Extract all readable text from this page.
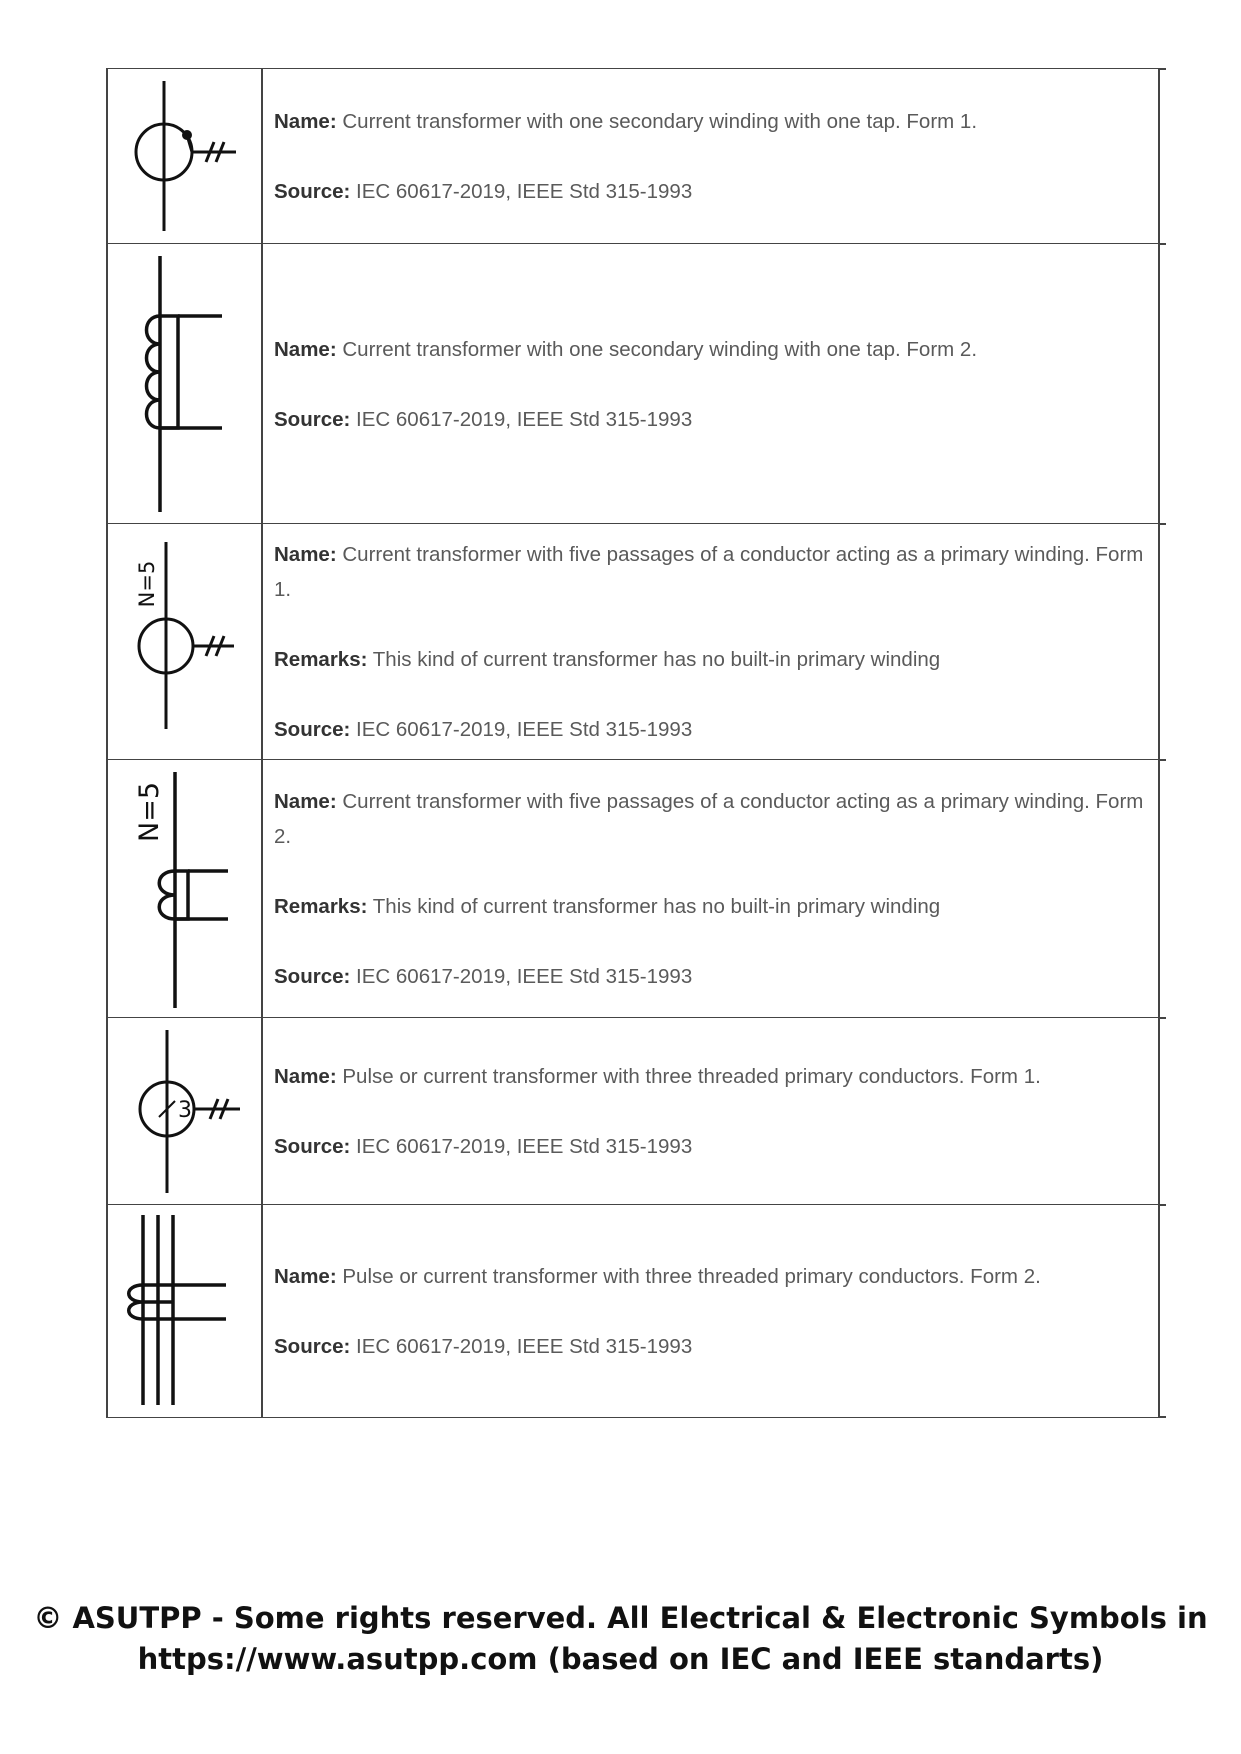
Name: Current transformer with one secondary winding with one tap. Form 1.

Source: IEC 60617-2019, IEEE Std 315-1993

Name: Current transformer with one secondary winding with one tap. Form 2.

Source: IEC 60617-2019, IEEE Std 315-1993

N=5

Name: Current transformer with five passages of a conductor acting as a primary winding. Form 1.

Remarks: This kind of current transformer has no built-in primary winding

Source: IEC 60617-2019, IEEE Std 315-1993

N=5	Name: Current transformer with five passages of a conductor acting as a primary winding. Form 2.

Remarks: This kind of current transformer has no built-in primary winding

Source: IEC 60617-2019, IEEE Std 315-1993

3

Name: Pulse or current transformer with three threaded primary conductors. Form 1.

Source: IEC 60617-2019, IEEE Std 315-1993

Name: Pulse or current transformer with three threaded primary conductors. Form 2.

Source: IEC 60617-2019, IEEE Std 315-1993

© ASUTPP - Some rights reserved. All Electrical & Electronic Symbols in
https://www.asutpp.com (based on IEC and IEEE standarts)
